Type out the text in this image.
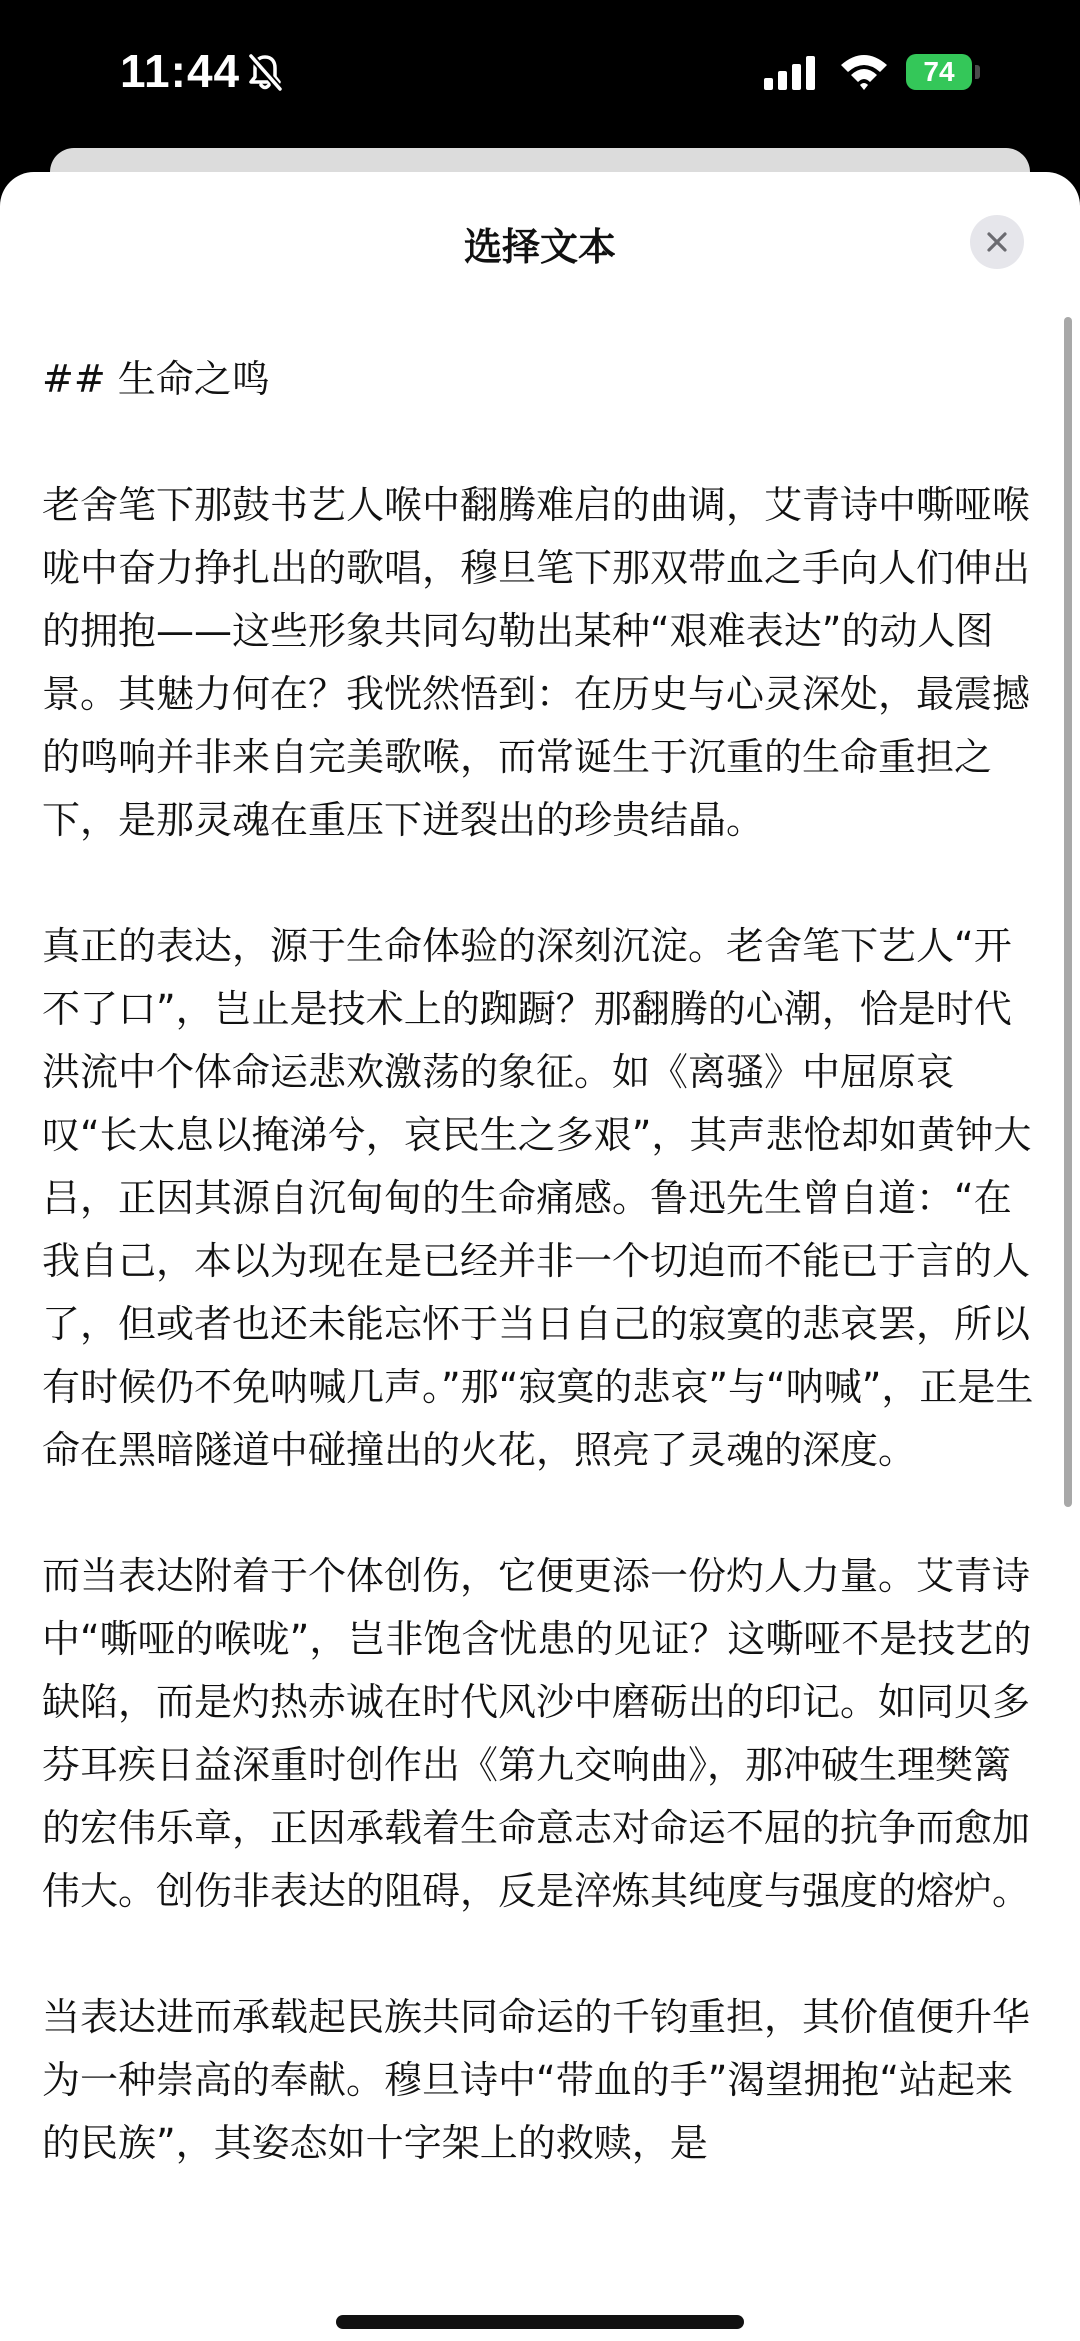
11:44	74
选择文本

## 生命之鸣

老舍笔下那鼓书艺人喉中翻腾难启的曲调，艾青诗中嘶哑喉咙中奋力挣扎出的歌唱，穆旦笔下那双带血之手向人们伸出的拥抱——这些形象共同勾勒出某种“艰难表达”的动人图景。其魅力何在？我恍然悟到：在历史与心灵深处，最震撼的鸣响并非来自完美歌喉，而常诞生于沉重的生命重担之下，是那灵魂在重压下迸裂出的珍贵结晶。

真正的表达，源于生命体验的深刻沉淀。老舍笔下艺人“开不了口”，岂止是技术上的踟蹰？那翻腾的心潮，恰是时代洪流中个体命运悲欢激荡的象征。如《离骚》中屈原哀叹“长太息以掩涕兮，哀民生之多艰”，其声悲怆却如黄钟大吕，正因其源自沉甸甸的生命痛感。鲁迅先生曾自道：“在我自己，本以为现在是已经并非一个切迫而不能已于言的人了，但或者也还未能忘怀于当日自己的寂寞的悲哀罢，所以有时候仍不免呐喊几声。”那“寂寞的悲哀”与“呐喊”，正是生命在黑暗隧道中碰撞出的火花，照亮了灵魂的深度。

而当表达附着于个体创伤，它便更添一份灼人力量。艾青诗中“嘶哑的喉咙”，岂非饱含忧患的见证？这嘶哑不是技艺的缺陷，而是灼热赤诚在时代风沙中磨砺出的印记。如同贝多芬耳疾日益深重时创作出《第九交响曲》，那冲破生理樊篱的宏伟乐章，正因承载着生命意志对命运不屈的抗争而愈加伟大。创伤非表达的阻碍，反是淬炼其纯度与强度的熔炉。

当表达进而承载起民族共同命运的千钧重担，其价值便升华为一种崇高的奉献。穆旦诗中“带血的手”渴望拥抱“站起来的民族”，其姿态如十字架上的救赎，是
